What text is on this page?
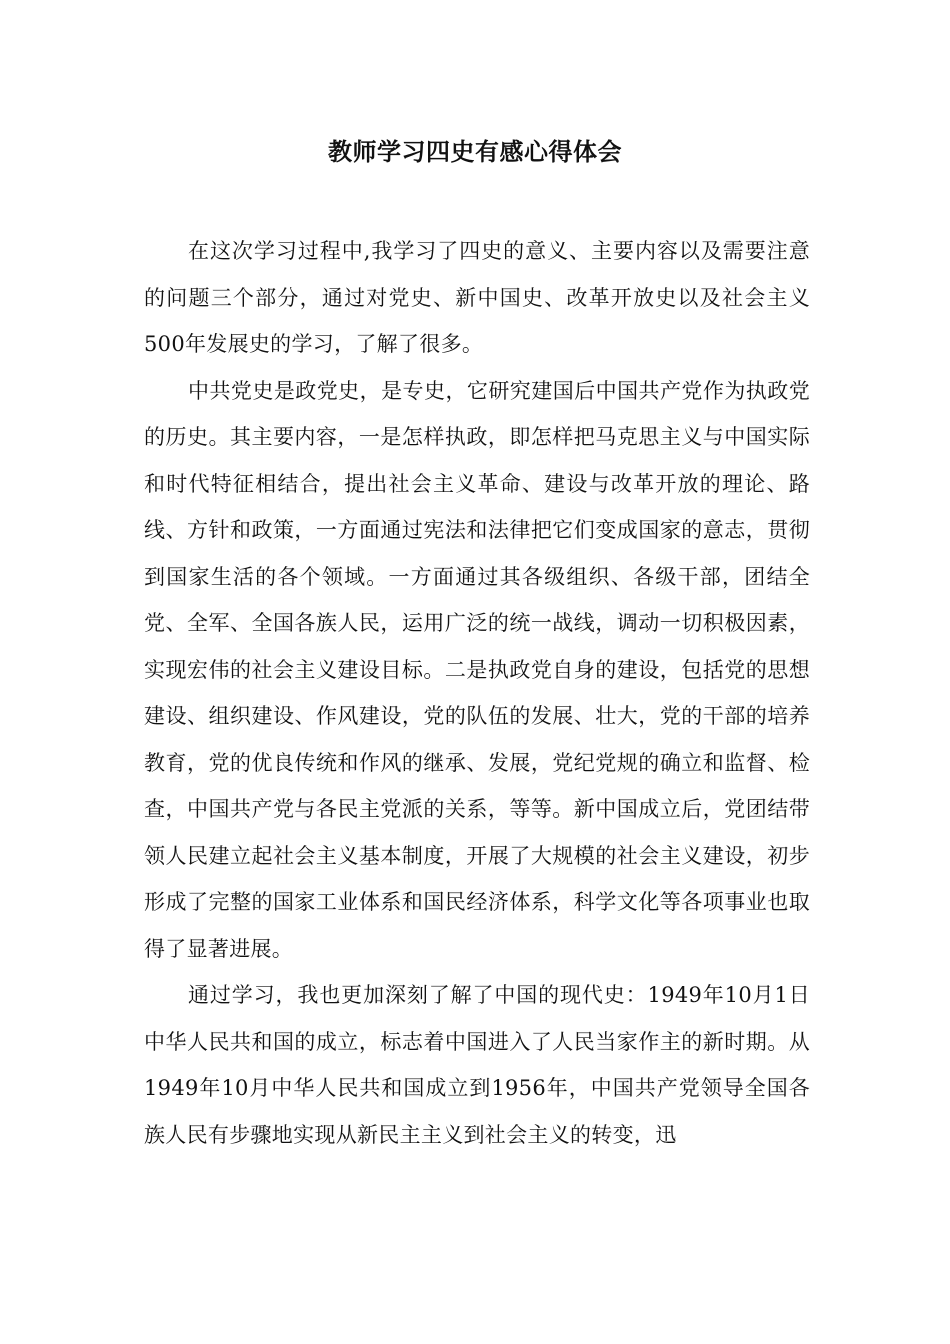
教师学习四史有感心得体会

在这次学习过程中,我学习了四史的意义、主要内容以及需要注意的问题三个部分，通过对党史、新中国史、改革开放史以及社会主义500年发展史的学习，了解了很多。

中共党史是政党史，是专史，它研究建国后中国共产党作为执政党的历史。其主要内容，一是怎样执政，即怎样把马克思主义与中国实际和时代特征相结合，提出社会主义革命、建设与改革开放的理论、路线、方针和政策，一方面通过宪法和法律把它们变成国家的意志，贯彻到国家生活的各个领域。一方面通过其各级组织、各级干部，团结全党、全军、全国各族人民，运用广泛的统一战线，调动一切积极因素，实现宏伟的社会主义建设目标。二是执政党自身的建设，包括党的思想建设、组织建设、作风建设，党的队伍的发展、壮大，党的干部的培养教育，党的优良传统和作风的继承、发展，党纪党规的确立和监督、检查，中国共产党与各民主党派的关系，等等。新中国成立后，党团结带领人民建立起社会主义基本制度，开展了大规模的社会主义建设，初步形成了完整的国家工业体系和国民经济体系，科学文化等各项事业也取得了显著进展。

通过学习，我也更加深刻了解了中国的现代史：1949年10月1日中华人民共和国的成立，标志着中国进入了人民当家作主的新时期。从1949年10月中华人民共和国成立到1956年，中国共产党领导全国各族人民有步骤地实现从新民主主义到社会主义的转变，迅
